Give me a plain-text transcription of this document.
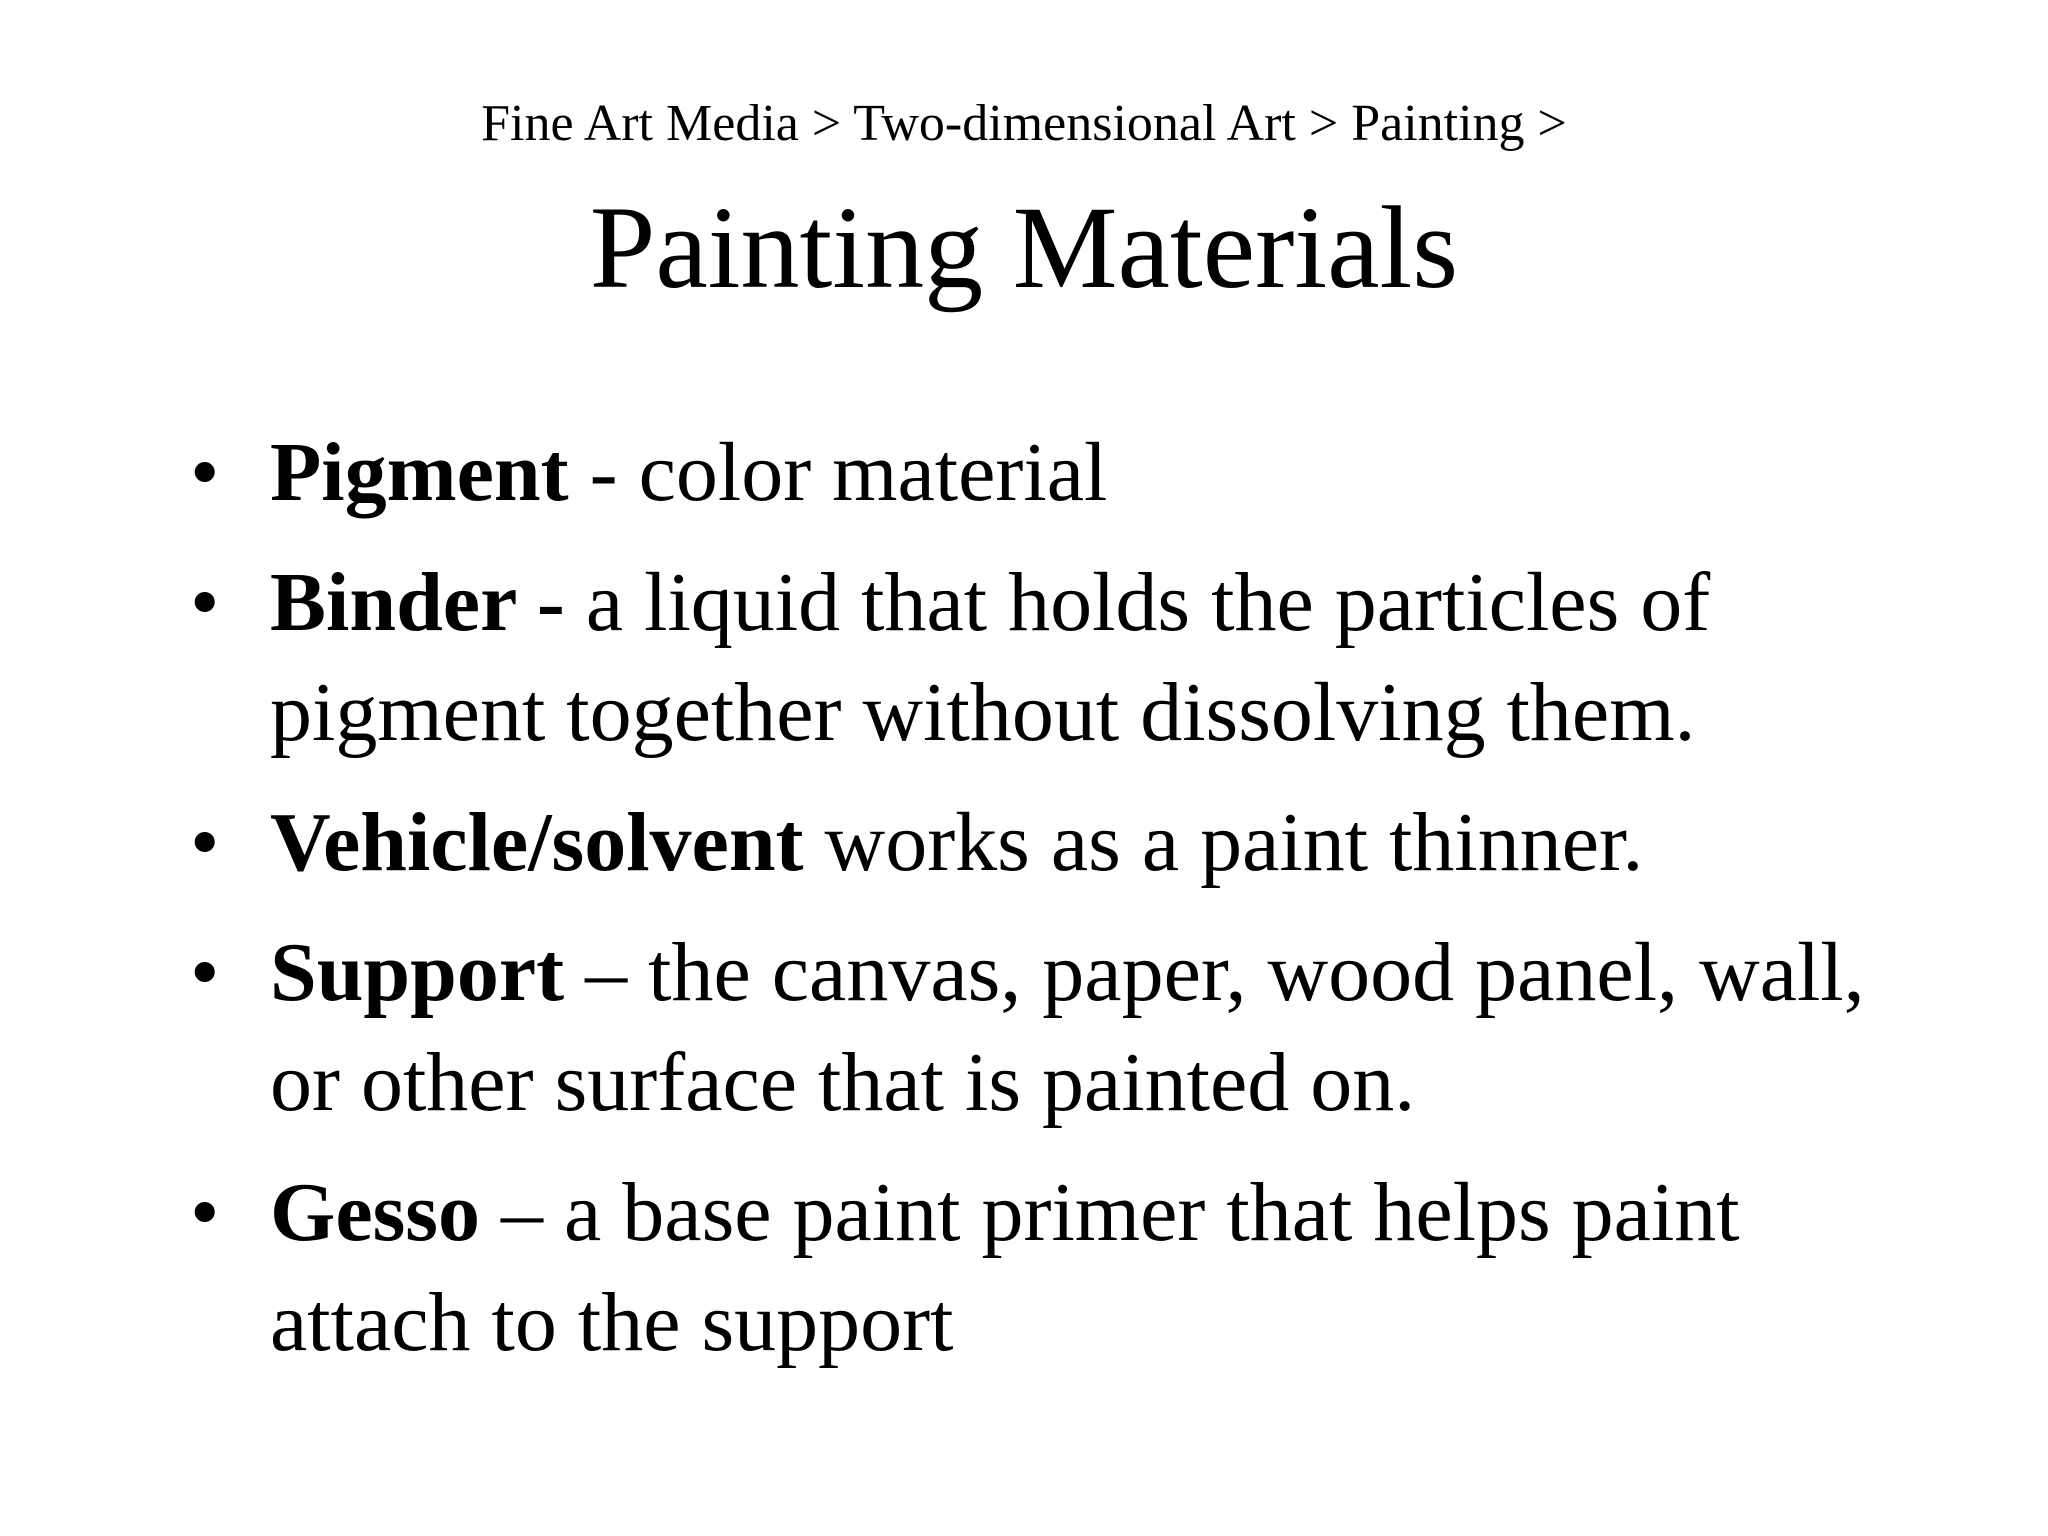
Fine Art Media > Two-dimensional Art > Painting >
Painting Materials
• Pigment - color material
• Binder - a liquid that holds the particles of pigment together without dissolving them.
• Vehicle/solvent works as a paint thinner.
• Support – the canvas, paper, wood panel, wall, or other surface that is painted on.
• Gesso – a base paint primer that helps paint attach to the support
